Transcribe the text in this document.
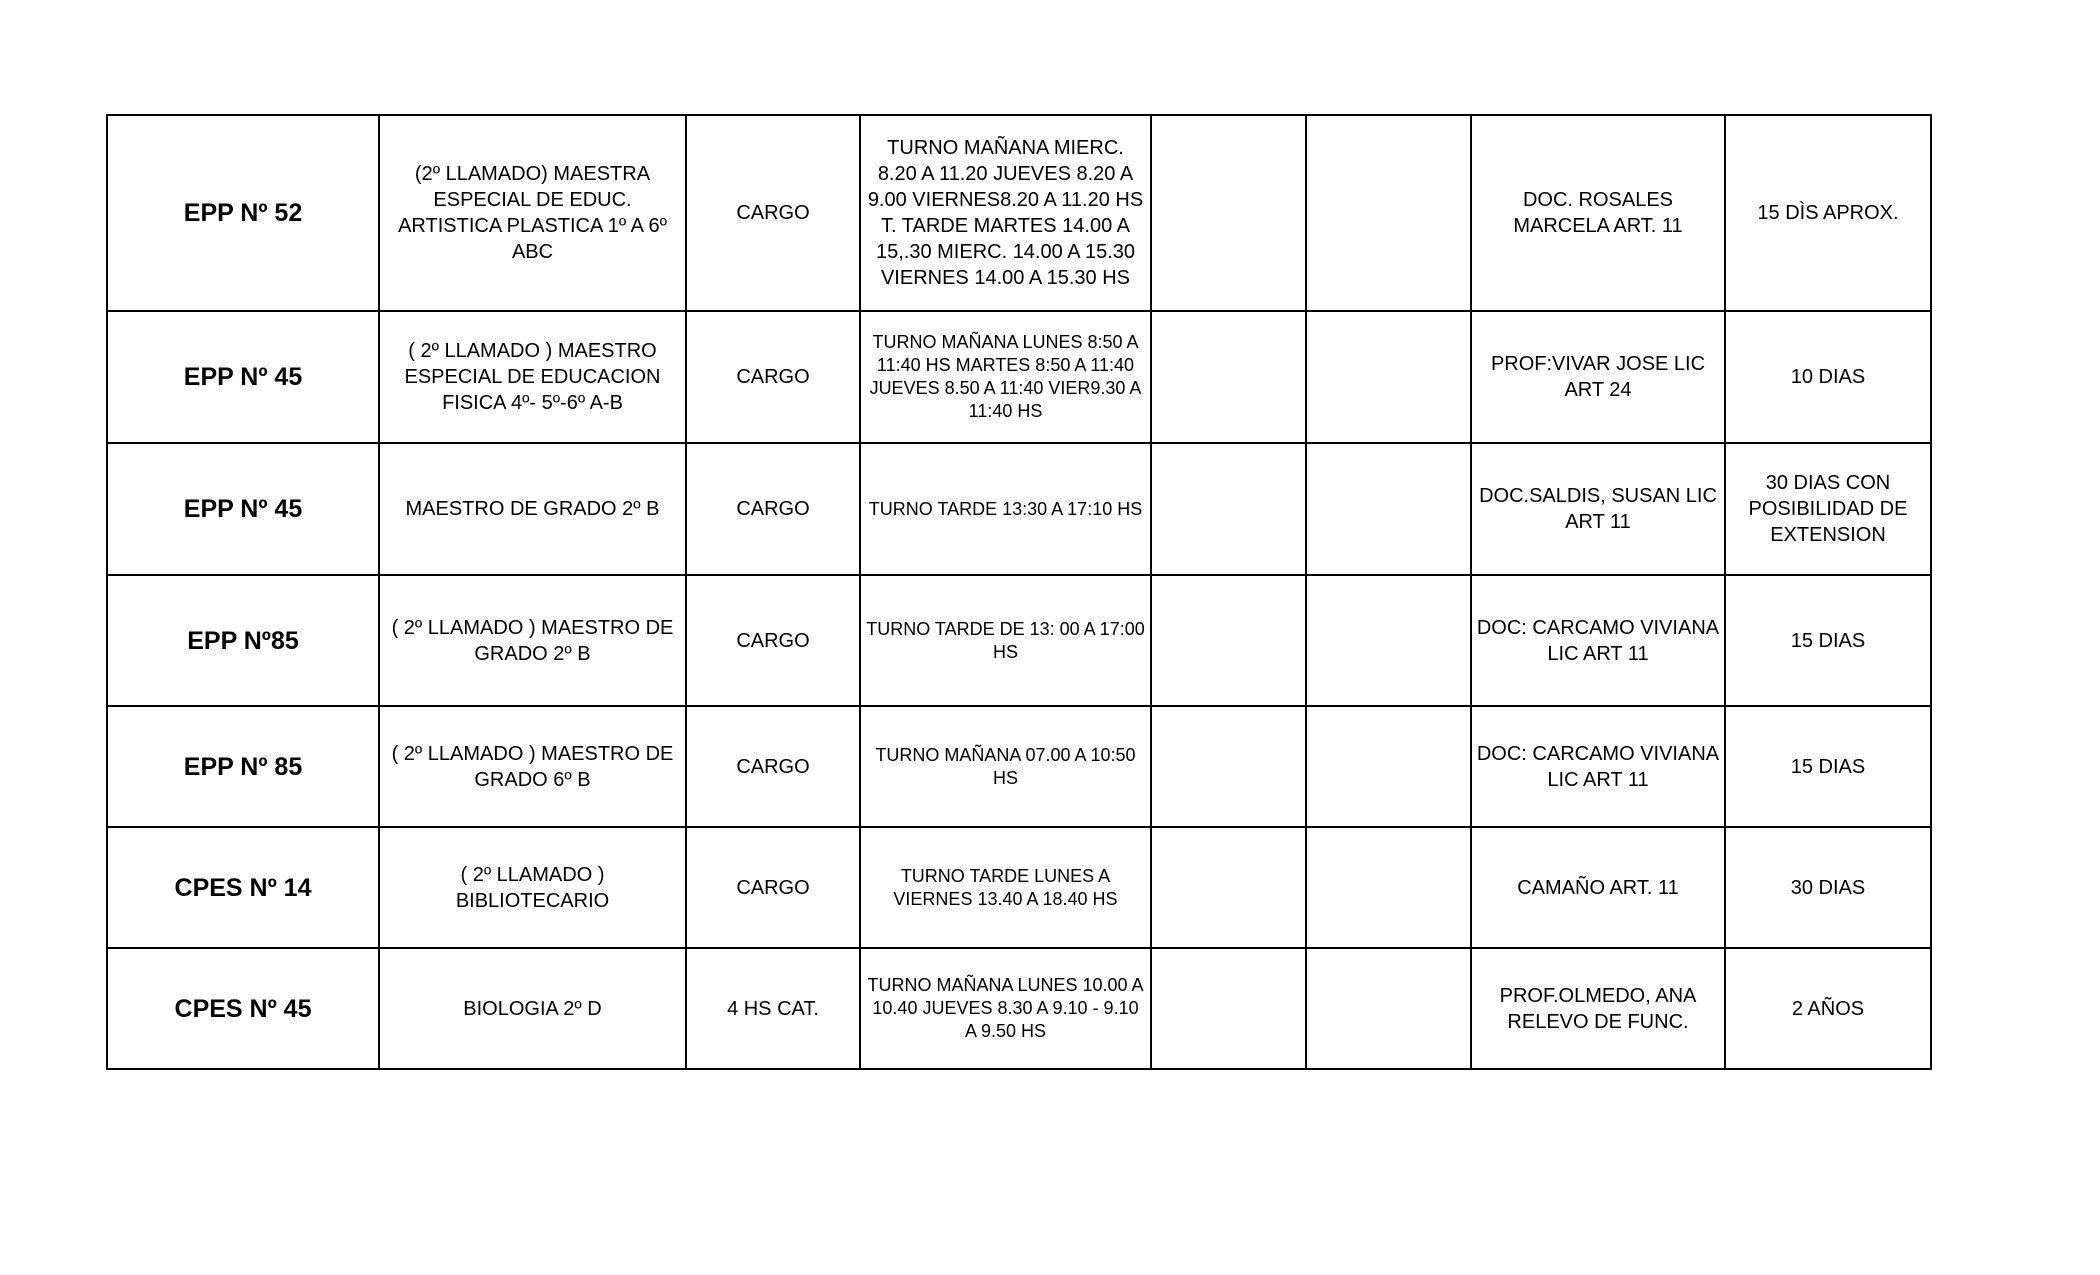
EPP Nº 52	(2º LLAMADO) MAESTRA ESPECIAL DE EDUC. ARTISTICA PLASTICA 1º A 6º ABC	CARGO	TURNO MAÑANA MIERC. 8.20 A 11.20 JUEVES 8.20 A 9.00 VIERNES8.20 A 11.20 HS T. TARDE MARTES 14.00 A 15,.30 MIERC. 14.00 A 15.30 VIERNES 14.00 A 15.30 HS			DOC. ROSALES MARCELA ART. 11	15 DÌS APROX.
EPP Nº 45	( 2º LLAMADO ) MAESTRO ESPECIAL DE EDUCACION FISICA 4º- 5º-6º A-B	CARGO	TURNO MAÑANA LUNES 8:50 A 11:40 HS MARTES 8:50 A 11:40 JUEVES 8.50 A 11:40 VIER9.30 A 11:40 HS			PROF:VIVAR JOSE LIC ART 24	10 DIAS
EPP Nº 45	MAESTRO DE GRADO 2º B	CARGO	TURNO TARDE 13:30 A 17:10 HS			DOC.SALDIS, SUSAN LIC ART 11	30 DIAS CON POSIBILIDAD DE EXTENSION
EPP Nº85	( 2º LLAMADO ) MAESTRO DE GRADO 2º B	CARGO	TURNO TARDE DE 13: 00 A 17:00 HS			DOC: CARCAMO VIVIANA LIC ART 11	15 DIAS
EPP Nº 85	( 2º LLAMADO ) MAESTRO DE GRADO 6º B	CARGO	TURNO MAÑANA 07.00 A 10:50 HS			DOC: CARCAMO VIVIANA LIC ART 11	15 DIAS
CPES Nº 14	( 2º LLAMADO ) BIBLIOTECARIO	CARGO	TURNO TARDE LUNES A VIERNES 13.40 A 18.40 HS			CAMAÑO ART. 11	30 DIAS
CPES Nº 45	BIOLOGIA 2º D	4 HS CAT.	TURNO MAÑANA LUNES 10.00 A 10.40 JUEVES 8.30 A 9.10 - 9.10 A 9.50 HS			PROF.OLMEDO, ANA RELEVO DE FUNC.	2 AÑOS
